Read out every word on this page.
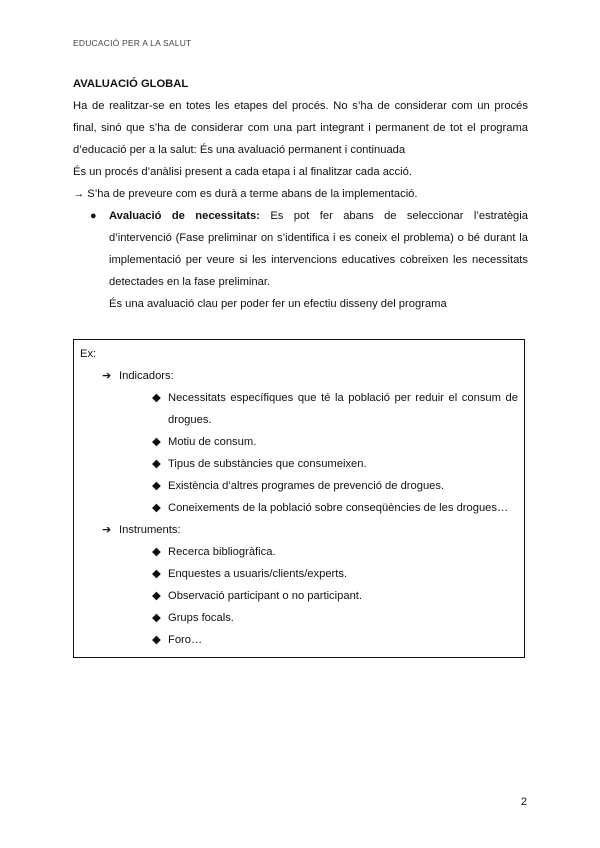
EDUCACIÓ PER A LA SALUT

AVALUACIÓ GLOBAL

Ha de realitzar-se en totes les etapes del procés. No s’ha de considerar com un procés final, sinó que s’ha de considerar com una part integrant i permanent de tot el programa d’educació per a la salut: És una avaluació permanent i continuada

És un procés d’anàlisi present a cada etapa i al finalitzar cada acció.

→ S’ha de preveure com es durà a terme abans de la implementació.

● Avaluació de necessitats: Es pot fer abans de seleccionar l’estratègia d’intervenció (Fase preliminar on s’identifica i es coneix el problema) o bé durant la implementació per veure si les intervencions educatives cobreixen les necessitats detectades en la fase preliminar.

És una avaluació clau per poder fer un efectiu disseny del programa

Ex:

➔ Indicadors:
◆ Necessitats específiques que té la població per reduir el consum de drogues.
◆ Motiu de consum.
◆ Tipus de substàncies que consumeixen.
◆ Existència d’altres programes de prevenció de drogues.
◆ Coneixements de la població sobre conseqüències de les drogues…
➔ Instruments:
◆ Recerca bibliogràfica.
◆ Enquestes a usuaris/clients/experts.
◆ Observació participant o no participant.
◆ Grups focals.
◆ Foro…
2
